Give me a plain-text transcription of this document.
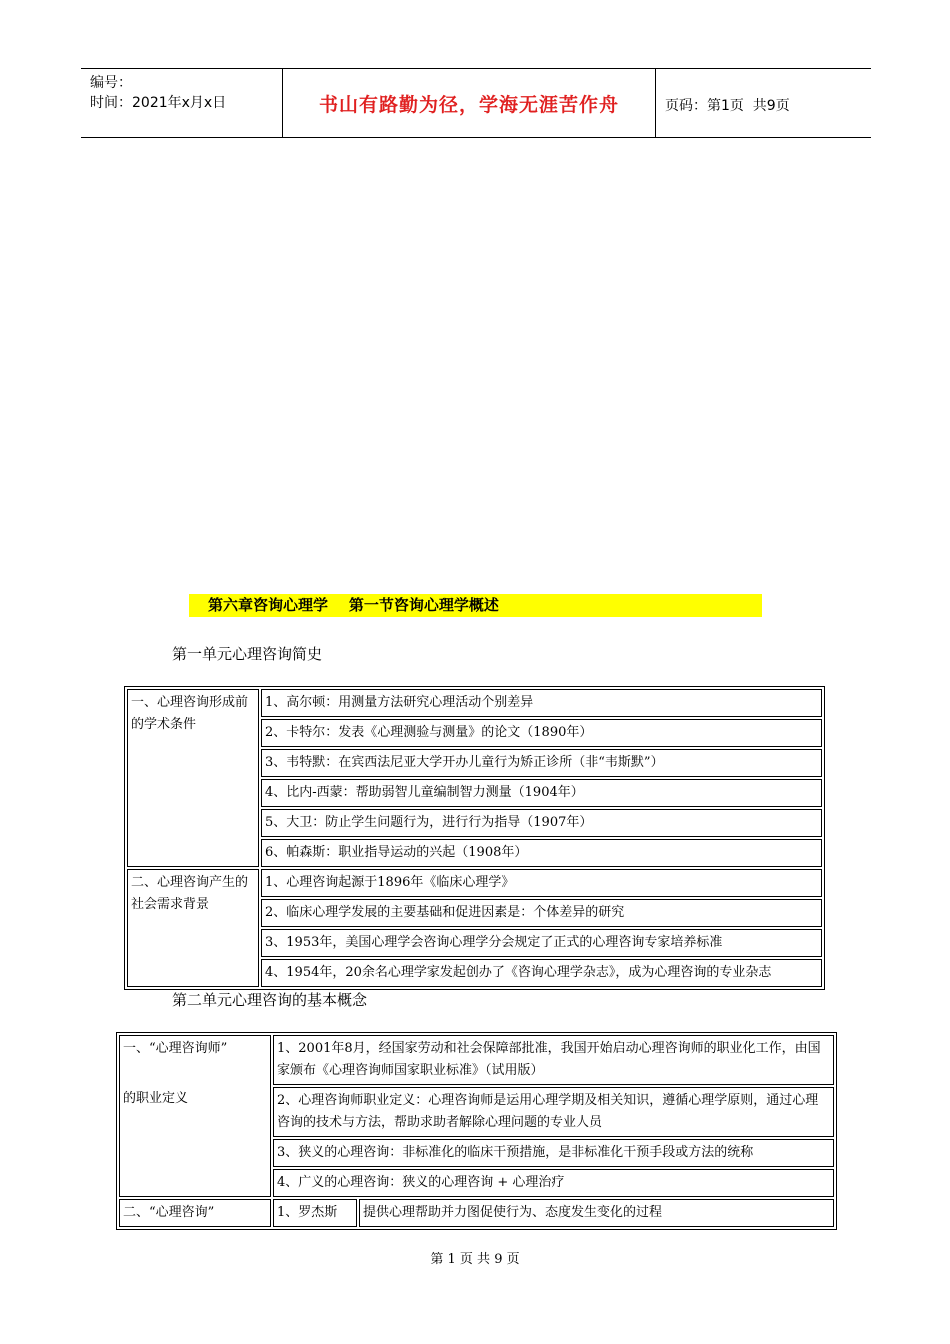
编号：
时间：2021年x月x日	书山有路勤为径，学海无涯苦作舟	页码：第1页  共9页
第六章咨询心理学    第一节咨询心理学概述
第一单元心理咨询简史
一、心理咨询形成前的学术条件	1、高尔顿：用测量方法研究心理活动个别差异
	2、卡特尔：发表《心理测验与测量》的论文（1890年）
	3、韦特默：在宾西法尼亚大学开办儿童行为矫正诊所（非“韦斯默”）
	4、比内-西蒙：帮助弱智儿童编制智力测量（1904年）
	5、大卫：防止学生问题行为，进行行为指导（1907年）
	6、帕森斯：职业指导运动的兴起（1908年）
二、心理咨询产生的社会需求背景	1、心理咨询起源于1896年《临床心理学》
	2、临床心理学发展的主要基础和促进因素是：个体差异的研究
	3、1953年，美国心理学会咨询心理学分会规定了正式的心理咨询专家培养标准
	4、1954年，20余名心理学家发起创办了《咨询心理学杂志》，成为心理咨询的专业杂志
第二单元心理咨询的基本概念
一、“心理咨询师”
的职业定义	1、2001年8月，经国家劳动和社会保障部批准，我国开始启动心理咨询师的职业化工作，由国家颁布《心理咨询师国家职业标准》（试用版）	
	2、心理咨询师职业定义：心理咨询师是运用心理学期及相关知识，遵循心理学原则，通过心理咨询的技术与方法，帮助求助者解除心理问题的专业人员	
	3、狭义的心理咨询：非标准化的临床干预措施，是非标准化干预手段或方法的统称	
	4、广义的心理咨询：狭义的心理咨询 + 心理治疗	
二、“心理咨询”	1、罗杰斯	提供心理帮助并力图促使行为、态度发生变化的过程
第 1 页 共 9 页
